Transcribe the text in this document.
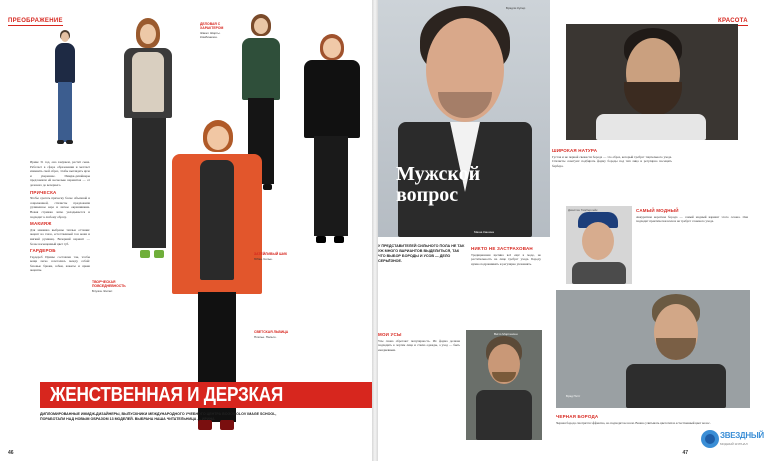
ПРЕОБРАЖЕНИЕ
Ирине 31 год, она замужем, растит сына. Работает в сфере образования и мечтает изменить свой образ, чтобы выглядеть ярче и увереннее. Имидж-дизайнеры предложили ей несколько вариантов — от делового до вечернего.
ПРИЧЕСКА
Чтобы сделать прическу более объемной и современной, стилисты предложили удлиненное каре и легкое окрашивание. Новая стрижка легко укладывается и подходит к любому образу.
МАКИЯЖ
Для макияжа выбраны теплые оттенки: акцент на глаза, естественный тон кожи и мягкий румянец. Вечерний вариант — более насыщенный цвет губ.
ГАРДЕРОБ
Гардероб Ирины составлен так, чтобы вещи легко сочетались между собой: базовые брюки, юбки, жакеты и яркие акценты.
ДЕЛОВАЯ С ХАРАКТЕРОМ
Жакет. Шорты. Комбинезон.
ЗАТЕЙЛИВЫЙ ШИК
Юбка. Колье.
ТВОРЧЕСКАЯ ПОВСЕДНЕВНОСТЬ
Блузка. Жилет.
СВЕТСКАЯ ЛЬВИЦА
Платье. Пальто.
ЖЕНСТВЕННАЯ И ДЕРЗКАЯ
ДИПЛОМИРОВАННЫЕ ИМИДЖ-ДИЗАЙНЕРЫ, ВЫПУСКНИКИ МЕЖДУНАРОДНОГО УЧЕБНОГО ЦЕНТРА BOGOMOLOV IMAGE SCHOOL, ПОРАБОТАЛИ НАД НОВЫМ ОБРАЗОМ 13 МОДЕЛЕЙ. ВЫБРАНА НАША ЧИТАТЕЛЬНИЦА — ИРИНА
46
Мужской
вопрос
Брэдли Купер
Маша Кашина
КРАСОТА
У ПРЕДСТАВИТЕЛЕЙ СИЛЬНОГО ПОЛА НЕ ТАК УЖ МНОГО ВАРИАНТОВ ВЫДЕЛИТЬСЯ, ТАК ЧТО ВЫБОР БОРОДЫ И УСОВ — ДЕЛО СЕРЬЁЗНОЕ.
НИКТО НЕ ЗАСТРАХОВАН
Традиционная щетина всё ещё в моде, но растительность на лице требует ухода. Бороду нужно подравнивать и регулярно увлажнять.
МОИ УСЫ
Усы снова обретают популярность. Их форма должна подходить к чертам лица и стилю одежды, а уход — быть ежедневным.
Вигго Мортенсен
ШИРОКАЯ НАТУРА
Густая и не первой свежести борода — это образ, который требует тщательного ухода. Стилисты советуют подбирать форму бороды под тип лица и регулярно посещать барбера.
Джастин Тимберлейк	САМЫЙ МОДНЫЙ
Аккуратная короткая борода — самый модный вариант этого сезона. Она подходит практически всем и не требует сложного ухода.
Брэд Питт
ЧЕРНАЯ БОРОДА
Черная борода смотрится эффектно, но подходит не всем. Важно учитывать цветотип и естественный цвет волос.
ЗВЕЗДНЫЙ
МОДНЫЙ ЖУРНАЛ
47
